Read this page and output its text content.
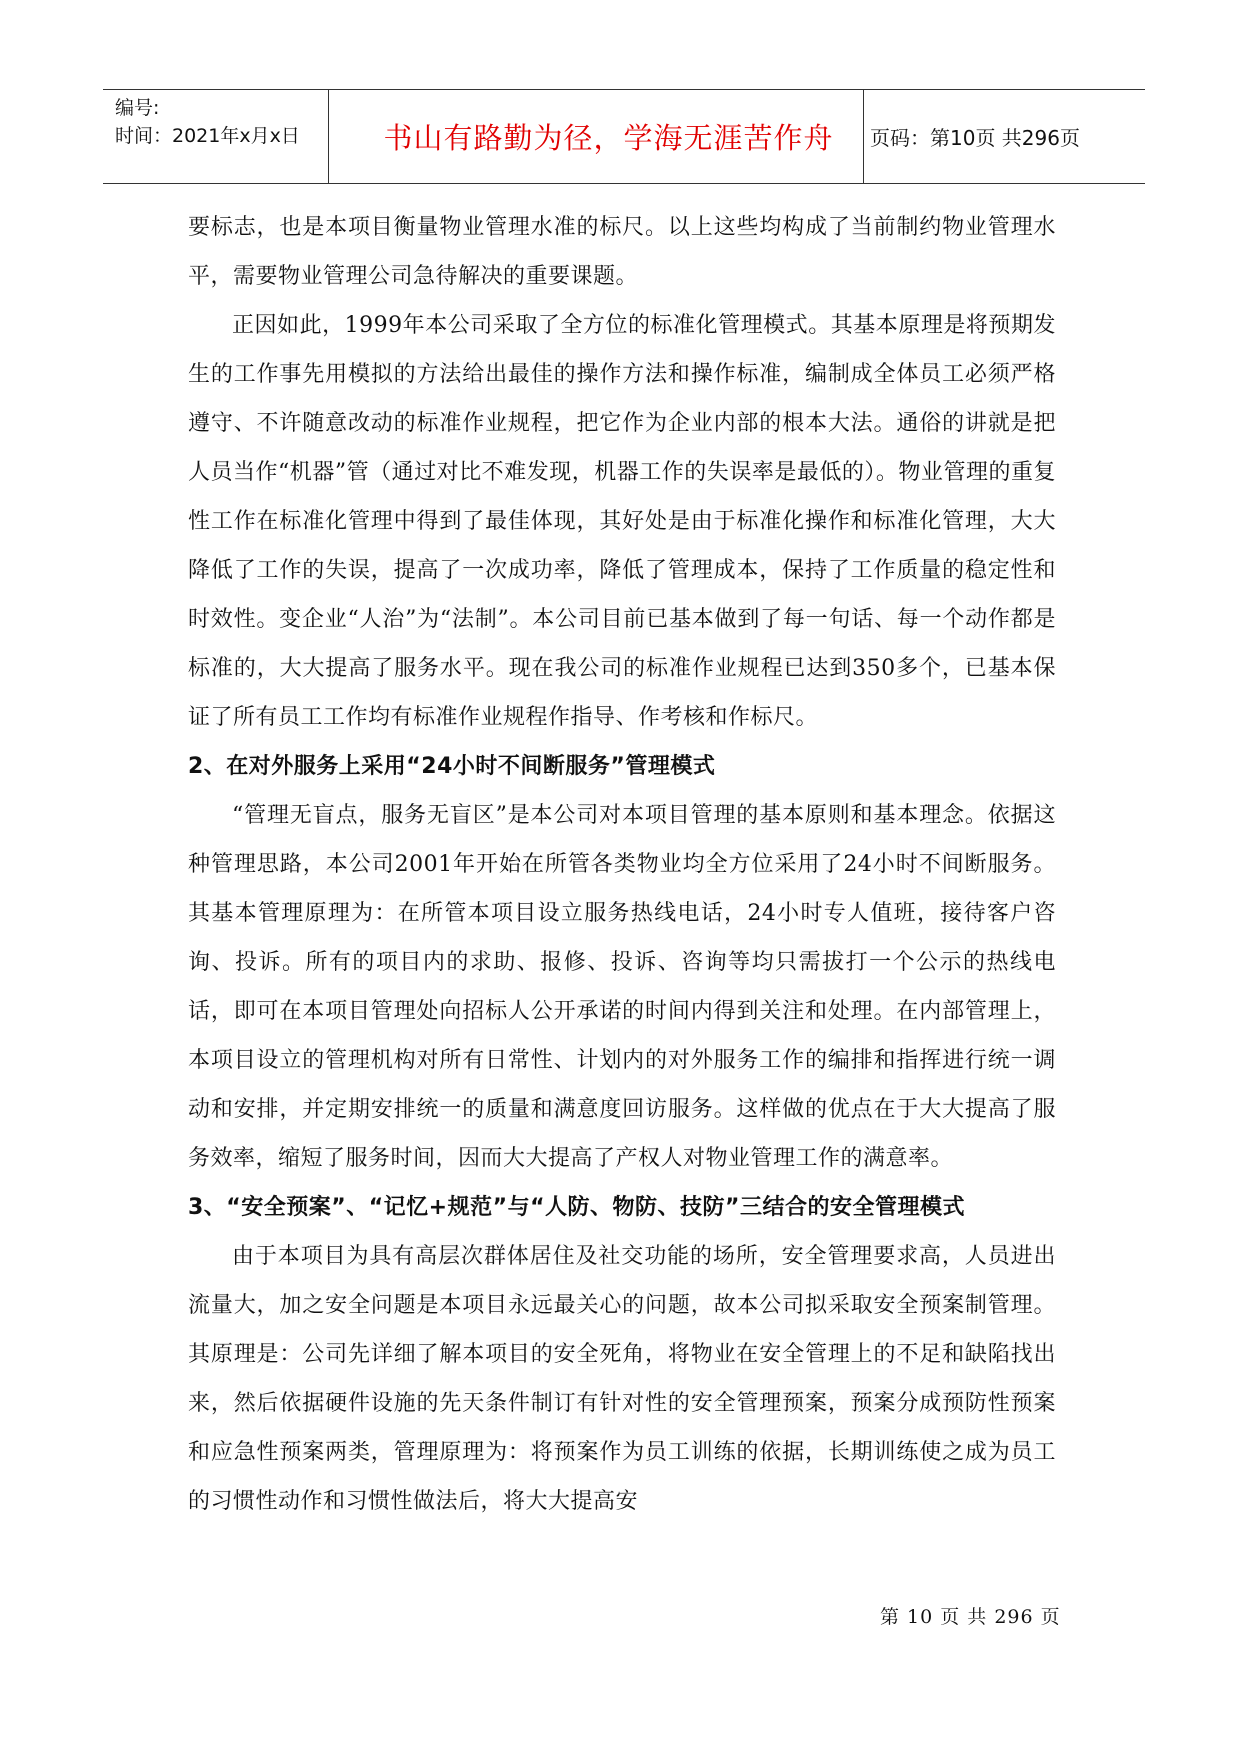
编号:
时间：2021年x月x日	书山有路勤为径，学海无涯苦作舟	页码：第10页 共296页

要标志，也是本项目衡量物业管理水准的标尺。以上这些均构成了当前制约物业管理水平，需要物业管理公司急待解决的重要课题。

正因如此，1999年本公司采取了全方位的标准化管理模式。其基本原理是将预期发生的工作事先用模拟的方法给出最佳的操作方法和操作标准，编制成全体员工必须严格遵守、不许随意改动的标准作业规程，把它作为企业内部的根本大法。通俗的讲就是把人员当作“机器”管（通过对比不难发现，机器工作的失误率是最低的）。物业管理的重复性工作在标准化管理中得到了最佳体现，其好处是由于标准化操作和标准化管理，大大降低了工作的失误，提高了一次成功率，降低了管理成本，保持了工作质量的稳定性和时效性。变企业“人治”为“法制”。本公司目前已基本做到了每一句话、每一个动作都是标准的，大大提高了服务水平。现在我公司的标准作业规程已达到350多个，已基本保证了所有员工工作均有标准作业规程作指导、作考核和作标尺。

2、在对外服务上采用“24小时不间断服务”管理模式

“管理无盲点，服务无盲区”是本公司对本项目管理的基本原则和基本理念。依据这种管理思路，本公司2001年开始在所管各类物业均全方位采用了24小时不间断服务。其基本管理原理为：在所管本项目设立服务热线电话，24小时专人值班，接待客户咨询、投诉。所有的项目内的求助、报修、投诉、咨询等均只需拔打一个公示的热线电话，即可在本项目管理处向招标人公开承诺的时间内得到关注和处理。在内部管理上，本项目设立的管理机构对所有日常性、计划内的对外服务工作的编排和指挥进行统一调动和安排，并定期安排统一的质量和满意度回访服务。这样做的优点在于大大提高了服务效率，缩短了服务时间，因而大大提高了产权人对物业管理工作的满意率。

3、“安全预案”、“记忆+规范”与“人防、物防、技防”三结合的安全管理模式

由于本项目为具有高层次群体居住及社交功能的场所，安全管理要求高，人员进出流量大，加之安全问题是本项目永远最关心的问题，故本公司拟采取安全预案制管理。其原理是：公司先详细了解本项目的安全死角，将物业在安全管理上的不足和缺陷找出来，然后依据硬件设施的先天条件制订有针对性的安全管理预案，预案分成预防性预案和应急性预案两类，管理原理为：将预案作为员工训练的依据，长期训练使之成为员工的习惯性动作和习惯性做法后，将大大提高安

第 10 页 共 296 页
